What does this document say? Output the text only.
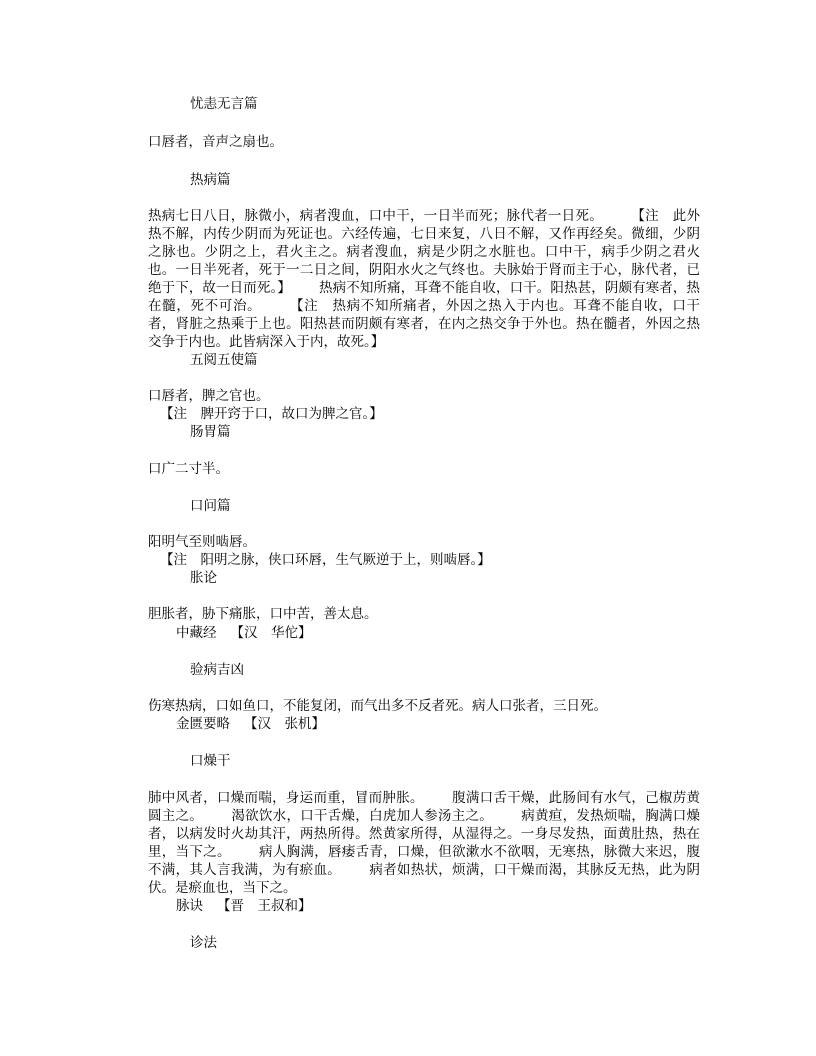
忧恚无言篇

口唇者，音声之扇也。

热病篇

热病七日八日，脉微小，病者溲血，口中干，一日半而死；脉代者一日死。 【注　此外热不解，内传少阴而为死证也。六经传遍，七日来复，八日不解，又作再经矣。微细，少阴之脉也。少阴之上，君火主之。病者溲血，病是少阴之水脏也。口中干，病手少阴之君火也。一日半死者，死于一二日之间，阴阳水火之气终也。夫脉始于肾而主于心，脉代者，已绝于下，故一日而死。】 热病不知所痛，耳聋不能自收，口干。阳热甚，阴颇有寒者，热在髓，死不可治。 【注　热病不知所痛者，外因之热入于内也。耳聋不能自收，口干者，肾脏之热乘于上也。阳热甚而阴颇有寒者，在内之热交争于外也。热在髓者，外因之热交争于内也。此皆病深入于内，故死。】

五阅五使篇

口唇者，脾之官也。

【注　脾开窍于口，故口为脾之官。】

肠胃篇

口广二寸半。

口问篇

阳明气至则啮唇。

【注　阳明之脉，侠口环唇，生气厥逆于上，则啮唇。】

胀论

胆胀者，胁下痛胀，口中苦，善太息。

中藏经 【汉　华佗】
验病吉凶

伤寒热病，口如鱼口，不能复闭，而气出多不反者死。病人口张者，三日死。

金匮要略 【汉　张机】
口燥干

肺中风者，口燥而喘，身运而重，冒而肿胀。 腹满口舌干燥，此肠间有水气，己椒苈黄圆主之。 渴欲饮水，口干舌燥，白虎加人参汤主之。 病黄疸，发热烦喘，胸满口燥者，以病发时火劫其汗，两热所得。然黄家所得，从湿得之。一身尽发热，面黄肚热，热在里，当下之。 病人胸满，唇痿舌青，口燥，但欲漱水不欲咽，无寒热，脉微大来迟，腹不满，其人言我满，为有瘀血。 病者如热状，烦满，口干燥而渴，其脉反无热，此为阴伏。是瘀血也，当下之。

脉诀 【晋　王叔和】
诊法
